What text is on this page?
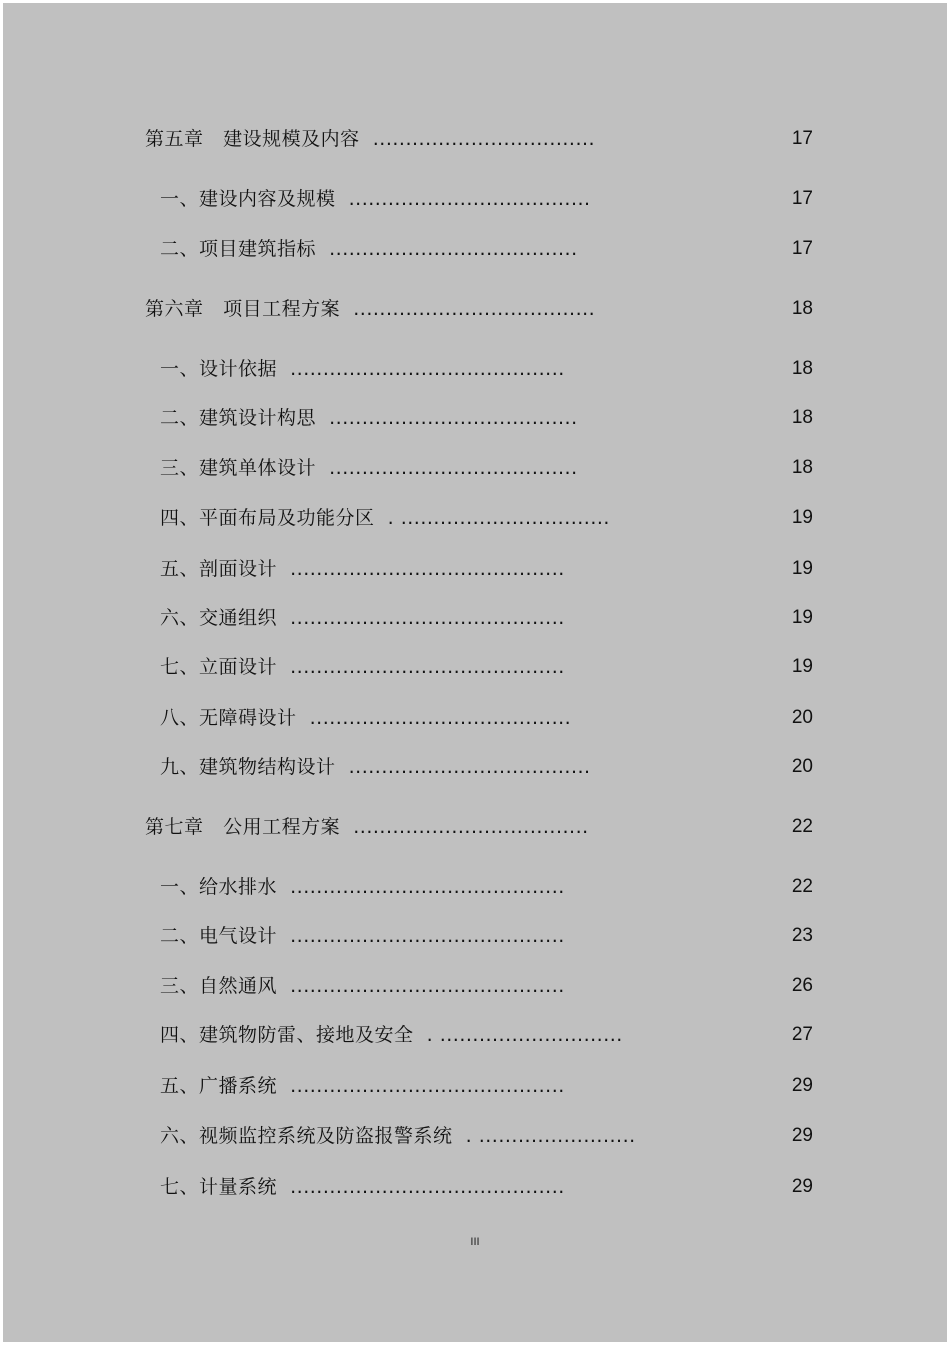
第五章 建设规模及内容 ..................................	17
一、建设内容及规模 .....................................	17
二、项目建筑指标 ......................................	17
第六章 项目工程方案 .....................................	18
一、设计依据 ..........................................	18
二、建筑设计构思 ......................................	18
三、建筑单体设计 ......................................	18
四、平面布局及功能分区 . ................................	19
五、剖面设计 ..........................................	19
六、交通组织 ..........................................	19
七、立面设计 ..........................................	19
八、无障碍设计 ........................................	20
九、建筑物结构设计 .....................................	20
第七章 公用工程方案 ....................................	22
一、给水排水 ..........................................	22
二、电气设计 ..........................................	23
三、自然通风 ..........................................	26
四、建筑物防雷、接地及安全 . ............................	27
五、广播系统 ..........................................	29
六、视频监控系统及防盗报警系统 . ........................	29
七、计量系统 ..........................................	29
III
